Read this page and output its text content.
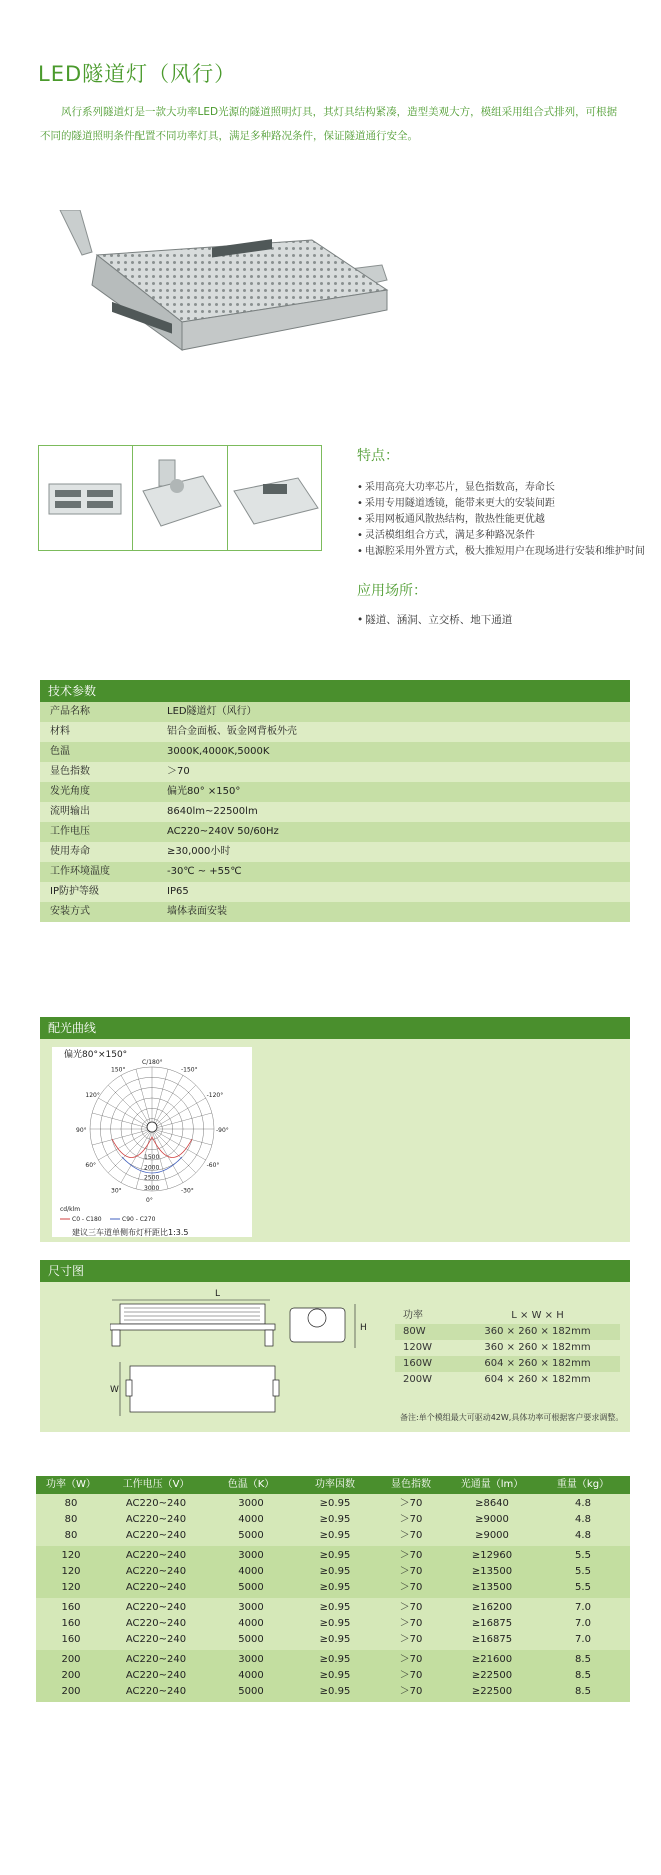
LED隧道灯（风行）

风行系列隧道灯是一款大功率LED光源的隧道照明灯具，其灯具结构紧凑，造型美观大方，模组采用组合式排列，可根据不同的隧道照明条件配置不同功率灯具，满足多种路况条件，保证隧道通行安全。

特点：
• 采用高亮大功率芯片，显色指数高，寿命长
• 采用专用隧道透镜，能带来更大的安装间距
• 采用网板通风散热结构，散热性能更优越
• 灵活模组组合方式，满足多种路况条件
• 电源腔采用外置方式，极大推短用户在现场进行安装和维护时间
应用场所：
• 隧道、涵洞、立交桥、地下通道
技术参数
产品名称	LED隧道灯（风行）
材料	铝合金面板、钣金网背板外壳
色温	3000K,4000K,5000K
显色指数	＞70
发光角度	偏光80° ×150°
流明输出	8640lm~22500lm
工作电压	AC220~240V 50/60Hz
使用寿命	≥30,000小时
工作环境温度	-30℃ ~ +55℃
IP防护等级	IP65
安装方式	墙体表面安装
配光曲线
偏光80°×150°
C/180°
-150°
150°
-120°
120°
-90°
90°
-60°
60°
-30°
30°
0°
1500
2000
2500
3000
cd/klm
C0 - C180	C90 - C270
建议三车道单侧布灯杆距比1:3.5
尺寸图
L
H
W
功率	L × W × H
80W	360 × 260 × 182mm
120W	360 × 260 × 182mm
160W	604 × 260 × 182mm
200W	604 × 260 × 182mm
备注:单个模组最大可驱动42W,具体功率可根据客户要求调整。
功率（W）	工作电压（V）	色温（K）	功率因数	显色指数	光通量（lm）	重量（kg）
80	AC220~240	3000	≥0.95	＞70	≥8640	4.8
80	AC220~240	4000	≥0.95	＞70	≥9000	4.8
80	AC220~240	5000	≥0.95	＞70	≥9000	4.8
120	AC220~240	3000	≥0.95	＞70	≥12960	5.5
120	AC220~240	4000	≥0.95	＞70	≥13500	5.5
120	AC220~240	5000	≥0.95	＞70	≥13500	5.5
160	AC220~240	3000	≥0.95	＞70	≥16200	7.0
160	AC220~240	4000	≥0.95	＞70	≥16875	7.0
160	AC220~240	5000	≥0.95	＞70	≥16875	7.0
200	AC220~240	3000	≥0.95	＞70	≥21600	8.5
200	AC220~240	4000	≥0.95	＞70	≥22500	8.5
200	AC220~240	5000	≥0.95	＞70	≥22500	8.5
